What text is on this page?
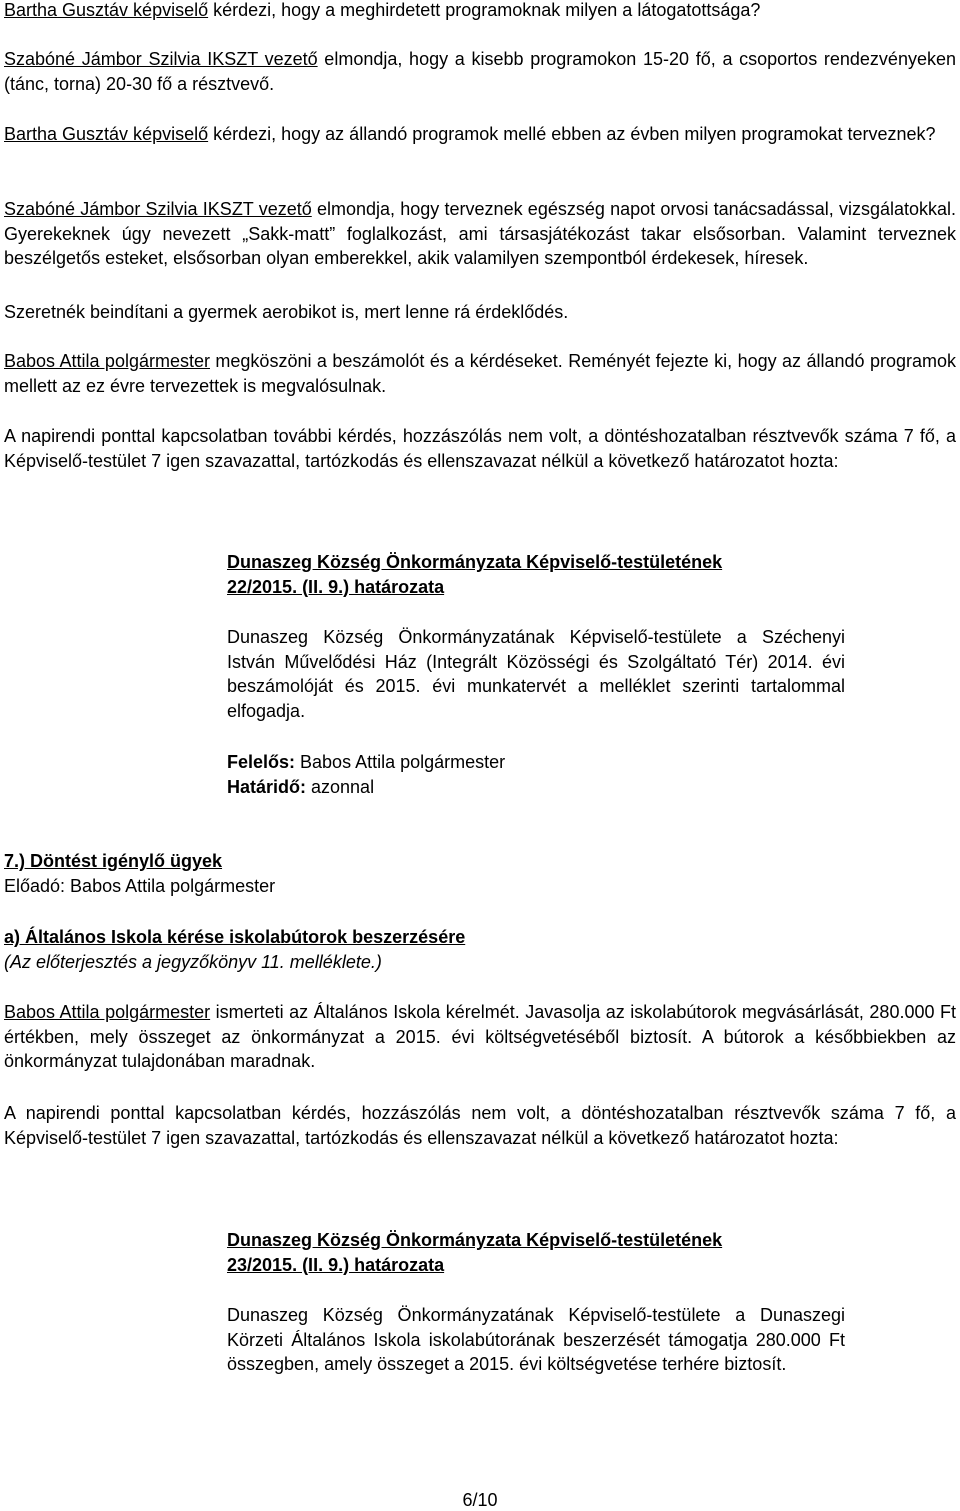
Bartha Gusztáv képviselő kérdezi, hogy a meghirdetett programoknak milyen a látogatottsága?

Szabóné Jámbor Szilvia IKSZT vezető elmondja, hogy a kisebb programokon 15-20 fő, a csoportos rendezvényeken (tánc, torna) 20-30 fő a résztvevő.

Bartha Gusztáv képviselő kérdezi, hogy az állandó programok mellé ebben az évben milyen programokat terveznek?

Szabóné Jámbor Szilvia IKSZT vezető elmondja, hogy terveznek egészség napot orvosi tanácsadással, vizsgálatokkal. Gyerekeknek úgy nevezett „Sakk-matt” foglalkozást, ami társasjátékozást takar elsősorban. Valamint terveznek beszélgetős esteket, elsősorban olyan emberekkel, akik valamilyen szempontból érdekesek, híresek.

Szeretnék beindítani a gyermek aerobikot is, mert lenne rá érdeklődés.

Babos Attila polgármester megköszöni a beszámolót és a kérdéseket. Reményét fejezte ki, hogy az állandó programok mellett az ez évre tervezettek is megvalósulnak.

A napirendi ponttal kapcsolatban további kérdés, hozzászólás nem volt, a döntéshozatalban résztvevők száma 7 fő, a Képviselő-testület 7 igen szavazattal, tartózkodás és ellenszavazat nélkül a következő határozatot hozta:

Dunaszeg Község Önkormányzata Képviselő-testületének
22/2015. (II. 9.) határozata

Dunaszeg Község Önkormányzatának Képviselő-testülete a Széchenyi István Művelődési Ház (Integrált Közösségi és Szolgáltató Tér) 2014. évi beszámolóját és 2015. évi munkatervét a melléklet szerinti tartalommal elfogadja.

Felelős: Babos Attila polgármester
Határidő: azonnal
7.) Döntést igénylő ügyek
Előadó: Babos Attila polgármester
a) Általános Iskola kérése iskolabútorok beszerzésére
(Az előterjesztés a jegyzőkönyv 11. melléklete.)

Babos Attila polgármester ismerteti az Általános Iskola kérelmét. Javasolja az iskolabútorok megvásárlását, 280.000 Ft értékben, mely összeget az önkormányzat a 2015. évi költségvetéséből biztosít. A bútorok a későbbiekben az önkormányzat tulajdonában maradnak.

A napirendi ponttal kapcsolatban kérdés, hozzászólás nem volt, a döntéshozatalban résztvevők száma 7 fő, a Képviselő-testület 7 igen szavazattal, tartózkodás és ellenszavazat nélkül a következő határozatot hozta:

Dunaszeg Község Önkormányzata Képviselő-testületének
23/2015. (II. 9.) határozata

Dunaszeg Község Önkormányzatának Képviselő-testülete a Dunaszegi Körzeti Általános Iskola iskolabútorának beszerzését támogatja 280.000 Ft összegben, amely összeget a 2015. évi költségvetése terhére biztosít.

6/10
